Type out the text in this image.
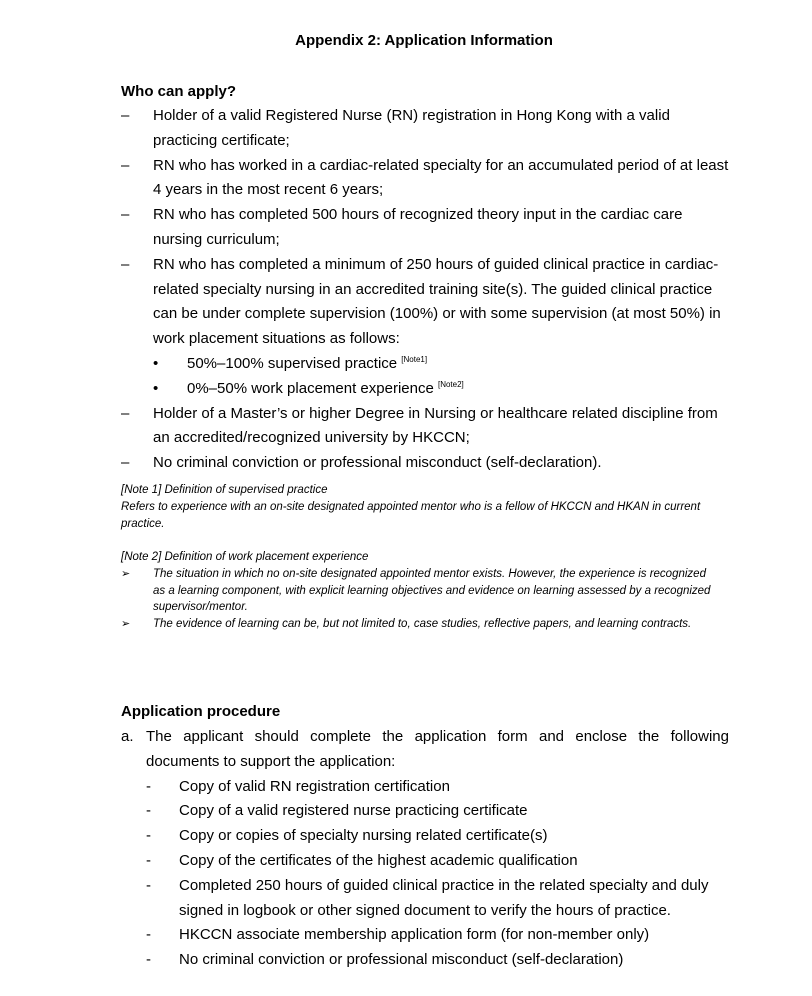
Appendix 2: Application Information
Who can apply?
–	Holder of a valid Registered Nurse (RN) registration in Hong Kong with a valid practicing certificate;
–	RN who has worked in a cardiac-related specialty for an accumulated period of at least 4 years in the most recent 6 years;
–	RN who has completed 500 hours of recognized theory input in the cardiac care nursing curriculum;
–	RN who has completed a minimum of 250 hours of guided clinical practice in cardiac-related specialty nursing in an accredited training site(s). The guided clinical practice can be under complete supervision (100%) or with some supervision (at most 50%) in work placement situations as follows:
• 50%–100% supervised practice [Note1]
• 0%–50% work placement experience [Note2]
–	Holder of a Master’s or higher Degree in Nursing or healthcare related discipline from an accredited/recognized university by HKCCN;
–	No criminal conviction or professional misconduct (self-declaration).
[Note 1] Definition of supervised practice
Refers to experience with an on-site designated appointed mentor who is a fellow of HKCCN and HKAN in current practice.
[Note 2] Definition of work placement experience
➢ The situation in which no on-site designated appointed mentor exists. However, the experience is recognized as a learning component, with explicit learning objectives and evidence on learning assessed by a recognized supervisor/mentor.
➢ The evidence of learning can be, but not limited to, case studies, reflective papers, and learning contracts.
Application procedure
a. The applicant should complete the application form and enclose the following documents to support the application:
- Copy of valid RN registration certification
- Copy of a valid registered nurse practicing certificate
- Copy or copies of specialty nursing related certificate(s)
- Copy of the certificates of the highest academic qualification
- Completed 250 hours of guided clinical practice in the related specialty and duly signed in logbook or other signed document to verify the hours of practice.
- HKCCN associate membership application form (for non-member only)
- No criminal conviction or professional misconduct (self-declaration)
